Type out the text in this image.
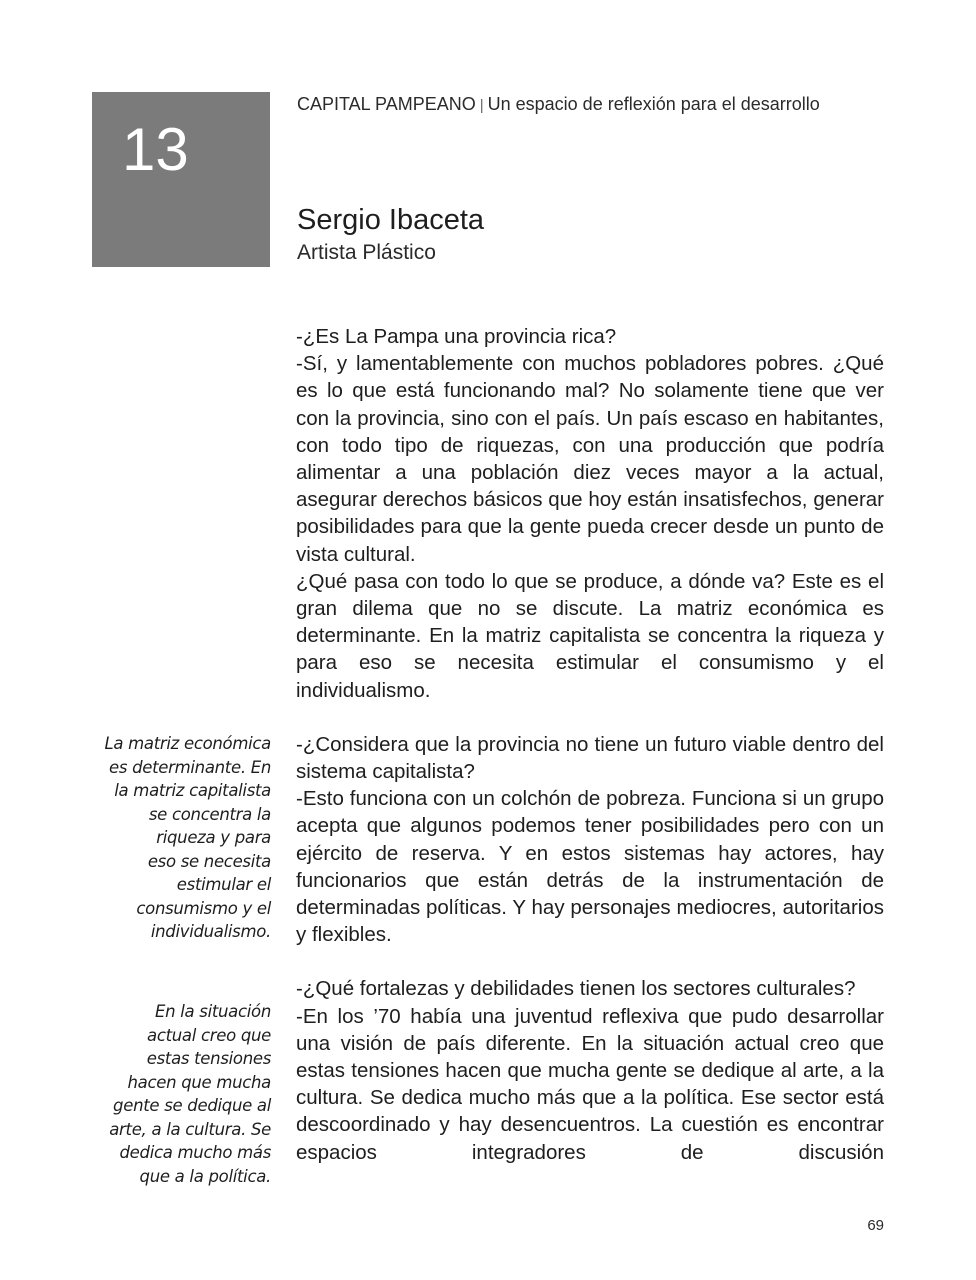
13
CAPITAL PAMPEANO | Un espacio de reflexión para el desarrollo
Sergio Ibaceta
Artista Plástico

-¿Es La Pampa una provincia rica?

-Sí, y lamentablemente con muchos pobladores pobres. ¿Qué es lo que está funcionando mal? No solamente tiene que ver con la provincia, sino con el país. Un país escaso en habitantes, con todo tipo de riquezas, con una producción que podría alimentar a una población diez veces mayor a la actual, asegurar derechos básicos que hoy están insatisfechos, generar posibilidades para que la gente pueda crecer desde un punto de vista cultural.

¿Qué pasa con todo lo que se produce, a dónde va? Este es el gran dilema que no se discute. La matriz económica es determinante. En la matriz capitalista se concentra la riqueza y para eso se necesita estimular el consumismo y el individualismo.

-¿Considera que la provincia no tiene un futuro viable dentro del sistema capitalista?

-Esto funciona con un colchón de pobreza. Funciona si un grupo acepta que algunos podemos tener posibilidades pero con un ejército de reserva. Y en estos sistemas hay actores, hay funcionarios que están detrás de la instrumentación de determinadas políticas. Y hay personajes mediocres, autoritarios y flexibles.

-¿Qué fortalezas y debilidades tienen los sectores culturales?

-En los ’70 había una juventud reflexiva que pudo desarrollar una visión de país diferente. En la situación actual creo que estas tensiones hacen que mucha gente se dedique al arte, a la cultura. Se dedica mucho más que a la política. Ese sector está descoordinado y hay desencuentros. La cuestión es encontrar espacios integradores de discusión

La matriz económica
es determinante. En
la matriz capitalista
se concentra la
riqueza y para
eso se necesita
estimular el
consumismo y el
individualismo.
En la situación
actual creo que
estas tensiones
hacen que mucha
gente se dedique al
arte, a la cultura. Se
dedica mucho más
que a la política.
69
